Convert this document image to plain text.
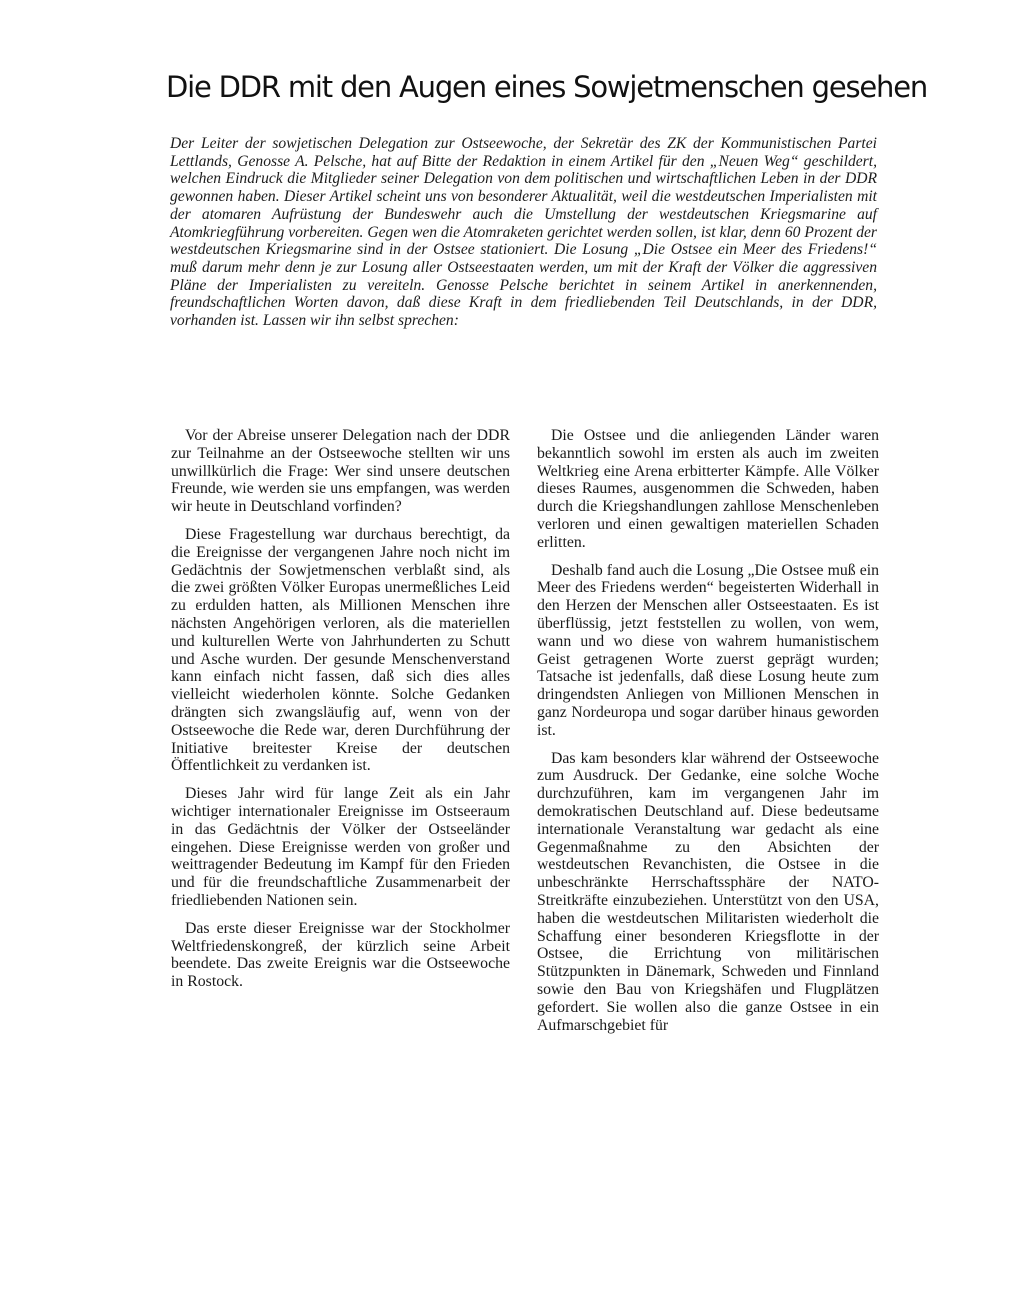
Die DDR mit den Augen eines Sowjetmenschen gesehen

Der Leiter der sowjetischen Delegation zur Ostseewoche, der Sekretär des ZK der Kommunistischen Partei Lettlands, Genosse A. Pelsche, hat auf Bitte der Redaktion in einem Artikel für den „Neuen Weg“ geschildert, welchen Eindruck die Mitglieder seiner Delegation von dem politischen und wirtschaftlichen Leben in der DDR gewonnen haben. Dieser Artikel scheint uns von besonderer Aktualität, weil die westdeutschen Imperialisten mit der atomaren Aufrüstung der Bundeswehr auch die Umstellung der westdeutschen Kriegsmarine auf Atomkriegführung vorbereiten. Gegen wen die Atomraketen gerichtet werden sollen, ist klar, denn 60 Prozent der westdeutschen Kriegsmarine sind in der Ostsee stationiert. Die Losung „Die Ostsee ein Meer des Friedens!“ muß darum mehr denn je zur Losung aller Ostseestaaten werden, um mit der Kraft der Völker die aggressiven Pläne der Imperialisten zu vereiteln. Genosse Pelsche berichtet in seinem Artikel in anerkennenden, freundschaftlichen Worten davon, daß diese Kraft in dem friedliebenden Teil Deutschlands, in der DDR, vorhanden ist. Lassen wir ihn selbst sprechen:

Vor der Abreise unserer Delegation nach der DDR zur Teilnahme an der Ostseewoche stellten wir uns unwillkürlich die Frage: Wer sind unsere deutschen Freunde, wie werden sie uns empfangen, was werden wir heute in Deutschland vorfinden?

Diese Fragestellung war durchaus berechtigt, da die Ereignisse der vergangenen Jahre noch nicht im Gedächtnis der Sowjetmenschen verblaßt sind, als die zwei größten Völker Europas unermeßliches Leid zu erdulden hatten, als Millionen Menschen ihre nächsten Angehörigen verloren, als die materiellen und kulturellen Werte von Jahrhunderten zu Schutt und Asche wurden. Der gesunde Menschenverstand kann einfach nicht fassen, daß sich dies alles vielleicht wiederholen könnte. Solche Gedanken drängten sich zwangsläufig auf, wenn von der Ostseewoche die Rede war, deren Durchführung der Initiative breitester Kreise der deutschen Öffentlichkeit zu verdanken ist.

Dieses Jahr wird für lange Zeit als ein Jahr wichtiger internationaler Ereignisse im Ostseeraum in das Gedächtnis der Völker der Ostseeländer eingehen. Diese Ereignisse werden von großer und weittragender Bedeutung im Kampf für den Frieden und für die freundschaftliche Zusammenarbeit der friedliebenden Nationen sein.

Das erste dieser Ereignisse war der Stockholmer Weltfriedenskongreß, der kürzlich seine Arbeit beendete. Das zweite Ereignis war die Ostseewoche in Rostock.

Die Ostsee und die anliegenden Länder waren bekanntlich sowohl im ersten als auch im zweiten Weltkrieg eine Arena erbitterter Kämpfe. Alle Völker dieses Raumes, ausgenommen die Schweden, haben durch die Kriegshandlungen zahllose Menschenleben verloren und einen gewaltigen materiellen Schaden erlitten.

Deshalb fand auch die Losung „Die Ostsee muß ein Meer des Friedens werden“ begeisterten Widerhall in den Herzen der Menschen aller Ostseestaaten. Es ist überflüssig, jetzt feststellen zu wollen, von wem, wann und wo diese von wahrem humanistischem Geist getragenen Worte zuerst geprägt wurden; Tatsache ist jedenfalls, daß diese Losung heute zum dringendsten Anliegen von Millionen Menschen in ganz Nordeuropa und sogar darüber hinaus geworden ist.

Das kam besonders klar während der Ostseewoche zum Ausdruck. Der Gedanke, eine solche Woche durchzuführen, kam im vergangenen Jahr im demokratischen Deutschland auf. Diese bedeutsame internationale Veranstaltung war gedacht als eine Gegenmaßnahme zu den Absichten der westdeutschen Revanchisten, die Ostsee in die unbeschränkte Herrschaftssphäre der NATO-Streitkräfte einzubeziehen. Unterstützt von den USA, haben die westdeutschen Militaristen wiederholt die Schaffung einer besonderen Kriegsflotte in der Ostsee, die Errichtung von militärischen Stützpunkten in Dänemark, Schweden und Finnland sowie den Bau von Kriegshäfen und Flugplätzen gefordert. Sie wollen also die ganze Ostsee in ein Aufmarschgebiet für
